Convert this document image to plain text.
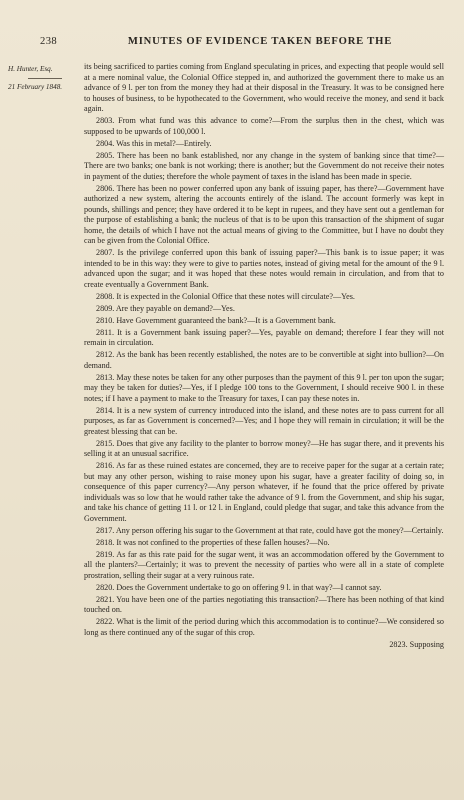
238	MINUTES OF EVIDENCE TAKEN BEFORE THE
H. Hunter, Esq.
21 February 1848.

its being sacrificed to parties coming from England speculating in prices, and expecting that people would sell at a mere nominal value, the Colonial Office stepped in, and authorized the government there to make us an advance of 9 l. per ton from the money they had at their disposal in the Treasury. It was to be consigned here to houses of business, to be hypothecated to the Government, who would receive the money, and send it back again.

2803. From what fund was this advance to come?—From the surplus then in the chest, which was supposed to be upwards of 100,000 l.

2804. Was this in metal?—Entirely.

2805. There has been no bank established, nor any change in the system of banking since that time?—There are two banks; one bank is not working; there is another; but the Government do not receive their notes in payment of the duties; therefore the whole payment of taxes in the island has been made in specie.

2806. There has been no power conferred upon any bank of issuing paper, has there?—Government have authorized a new system, altering the accounts entirely of the island. The account formerly was kept in pounds, shillings and pence; they have ordered it to be kept in rupees, and they have sent out a gentleman for the purpose of establishing a bank; the nucleus of that is to be upon this transaction of the shipment of sugar home, the details of which I have not the actual means of giving to the Committee, but I have no doubt they can be given from the Colonial Office.

2807. Is the privilege conferred upon this bank of issuing paper?—This bank is to issue paper; it was intended to be in this way: they were to give to parties notes, instead of giving metal for the amount of the 9 l. advanced upon the sugar; and it was hoped that these notes would remain in circulation, and from that to create eventually a Government Bank.

2808. It is expected in the Colonial Office that these notes will circulate?—Yes.

2809. Are they payable on demand?—Yes.

2810. Have Government guaranteed the bank?—It is a Government bank.

2811. It is a Government bank issuing paper?—Yes, payable on demand; therefore I fear they will not remain in circulation.

2812. As the bank has been recently established, the notes are to be convertible at sight into bullion?—On demand.

2813. May these notes be taken for any other purposes than the payment of this 9 l. per ton upon the sugar; may they be taken for duties?—Yes, if I pledge 100 tons to the Government, I should receive 900 l. in these notes; if I have a payment to make to the Treasury for taxes, I can pay these notes in.

2814. It is a new system of currency introduced into the island, and these notes are to pass current for all purposes, as far as Government is concerned?—Yes; and I hope they will remain in circulation; it will be the greatest blessing that can be.

2815. Does that give any facility to the planter to borrow money?—He has sugar there, and it prevents his selling it at an unusual sacrifice.

2816. As far as these ruined estates are concerned, they are to receive paper for the sugar at a certain rate; but may any other person, wishing to raise money upon his sugar, have a greater facility of doing so, in consequence of this paper currency?—Any person whatever, if he found that the price offered by private individuals was so low that he would rather take the advance of 9 l. from the Government, and ship his sugar, and take his chance of getting 11 l. or 12 l. in England, could pledge that sugar, and take this advance from the Government.

2817. Any person offering his sugar to the Government at that rate, could have got the money?—Certainly.

2818. It was not confined to the properties of these fallen houses?—No.

2819. As far as this rate paid for the sugar went, it was an accommodation offered by the Government to all the planters?—Certainly; it was to prevent the necessity of parties who were all in a state of complete prostration, selling their sugar at a very ruinous rate.

2820. Does the Government undertake to go on offering 9 l. in that way?—I cannot say.

2821. You have been one of the parties negotiating this transaction?—There has been nothing of that kind touched on.

2822. What is the limit of the period during which this accommodation is to continue?—We considered so long as there continued any of the sugar of this crop.

2823. Supposing
